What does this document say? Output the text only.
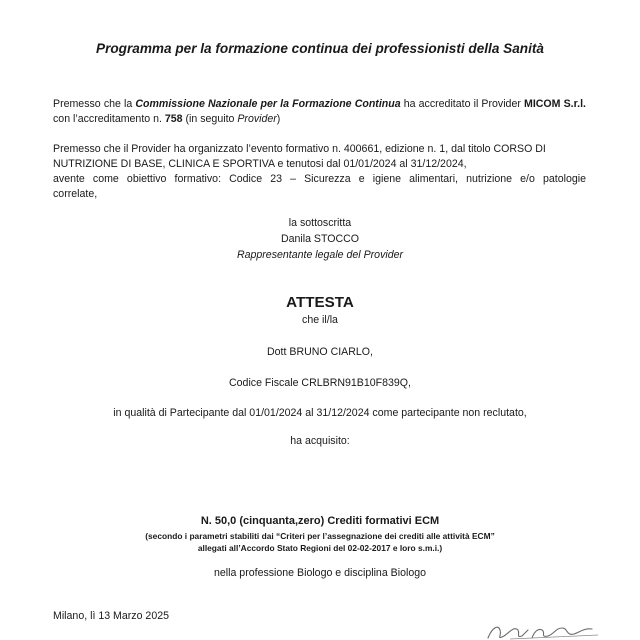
Programma per la formazione continua dei professionisti della Sanità
Premesso che la Commissione Nazionale per la Formazione Continua ha accreditato il Provider MICOM S.r.l. con l’accreditamento n. 758 (in seguito Provider)
Premesso che il Provider ha organizzato l’evento formativo n. 400661, edizione n. 1, dal titolo CORSO DI
NUTRIZIONE DI BASE, CLINICA E SPORTIVA e tenutosi dal 01/01/2024 al 31/12/2024,
avente come obiettivo formativo: Codice 23 – Sicurezza e igiene alimentari, nutrizione e/o patologie
correlate,
la sottoscritta
Danila STOCCO
Rappresentante legale del Provider
ATTESTA
che il/la
Dott BRUNO CIARLO,
Codice Fiscale CRLBRN91B10F839Q,
in qualità di Partecipante dal 01/01/2024 al 31/12/2024 come partecipante non reclutato,
ha acquisito:
N. 50,0 (cinquanta,zero) Crediti formativi ECM
(secondo i parametri stabiliti dai “Criteri per l’assegnazione dei crediti alle attività ECM”
allegati all’Accordo Stato Regioni del 02-02-2017 e loro s.m.i.)
nella professione Biologo e disciplina Biologo
Milano, lì 13 Marzo 2025
